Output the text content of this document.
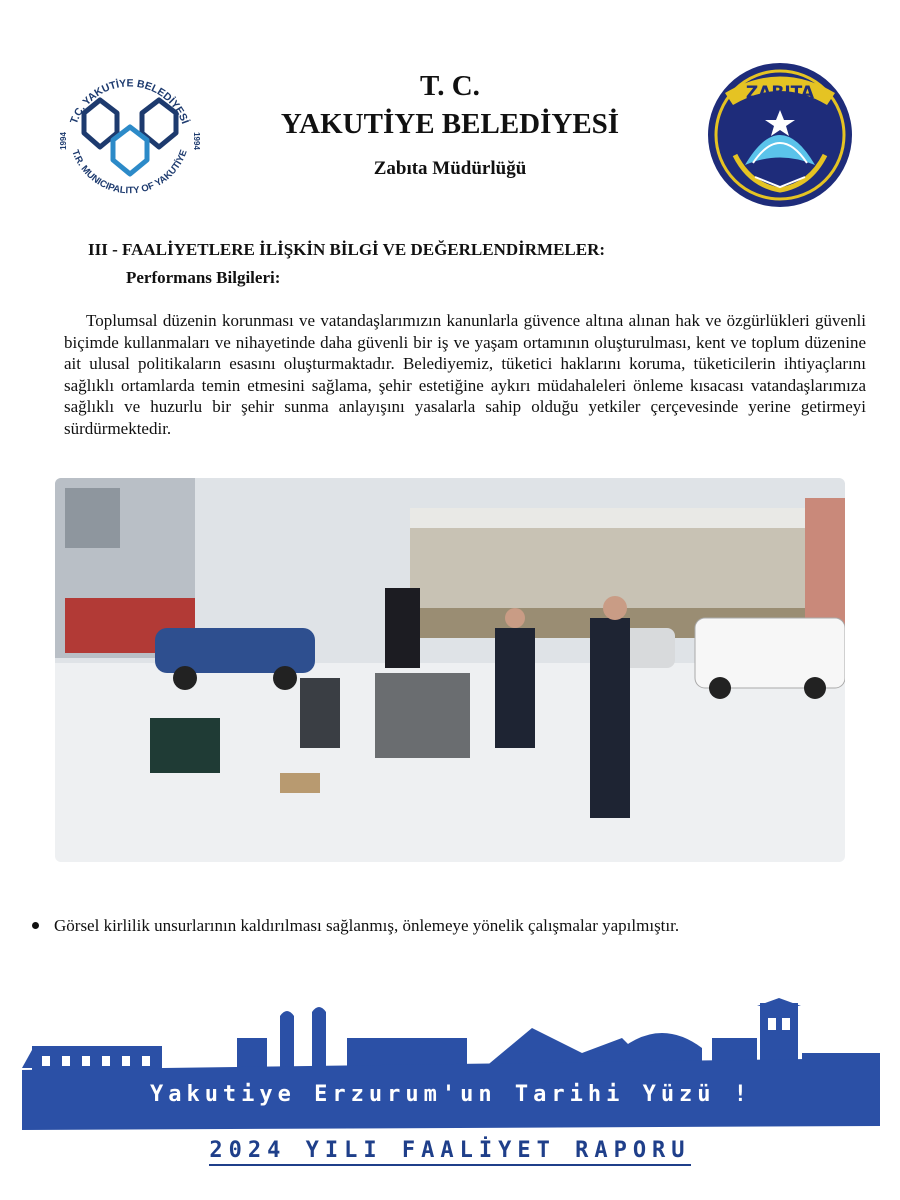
T.C. YAKUTİYE BELEDİYESİ
T.R. MUNICIPALITY OF YAKUTİYE
1994	1994
T. C.
YAKUTİYE BELEDİYESİ
Zabıta Müdürlüğü
ZABITA
III - FAALİYETLERE İLİŞKİN BİLGİ VE DEĞERLENDİRMELER:
Performans Bilgileri:

Toplumsal düzenin korunması ve vatandaşlarımızın kanunlarla güvence altına alınan hak ve özgürlükleri güvenli biçimde kullanmaları ve nihayetinde daha güvenli bir iş ve yaşam ortamının oluşturulması, kent ve toplum düzenine ait ulusal politikaların esasını oluşturmaktadır. Belediyemiz, tüketici haklarını koruma, tüketicilerin ihtiyaçlarını sağlıklı ortamlarda temin etmesini sağlama, şehir estetiğine aykırı müdahaleleri önleme kısacası vatandaşlarımıza sağlıklı ve huzurlu bir şehir sunma anlayışını yasalarla sahip olduğu yetkiler çerçevesinde yerine getirmeyi sürdürmektedir.

Görsel kirlilik unsurlarının kaldırılması sağlanmış, önlemeye yönelik çalışmalar yapılmıştır.
Yakutiye Erzurum'un Tarihi Yüzü !
2024 YILI FAALİYET RAPORU
